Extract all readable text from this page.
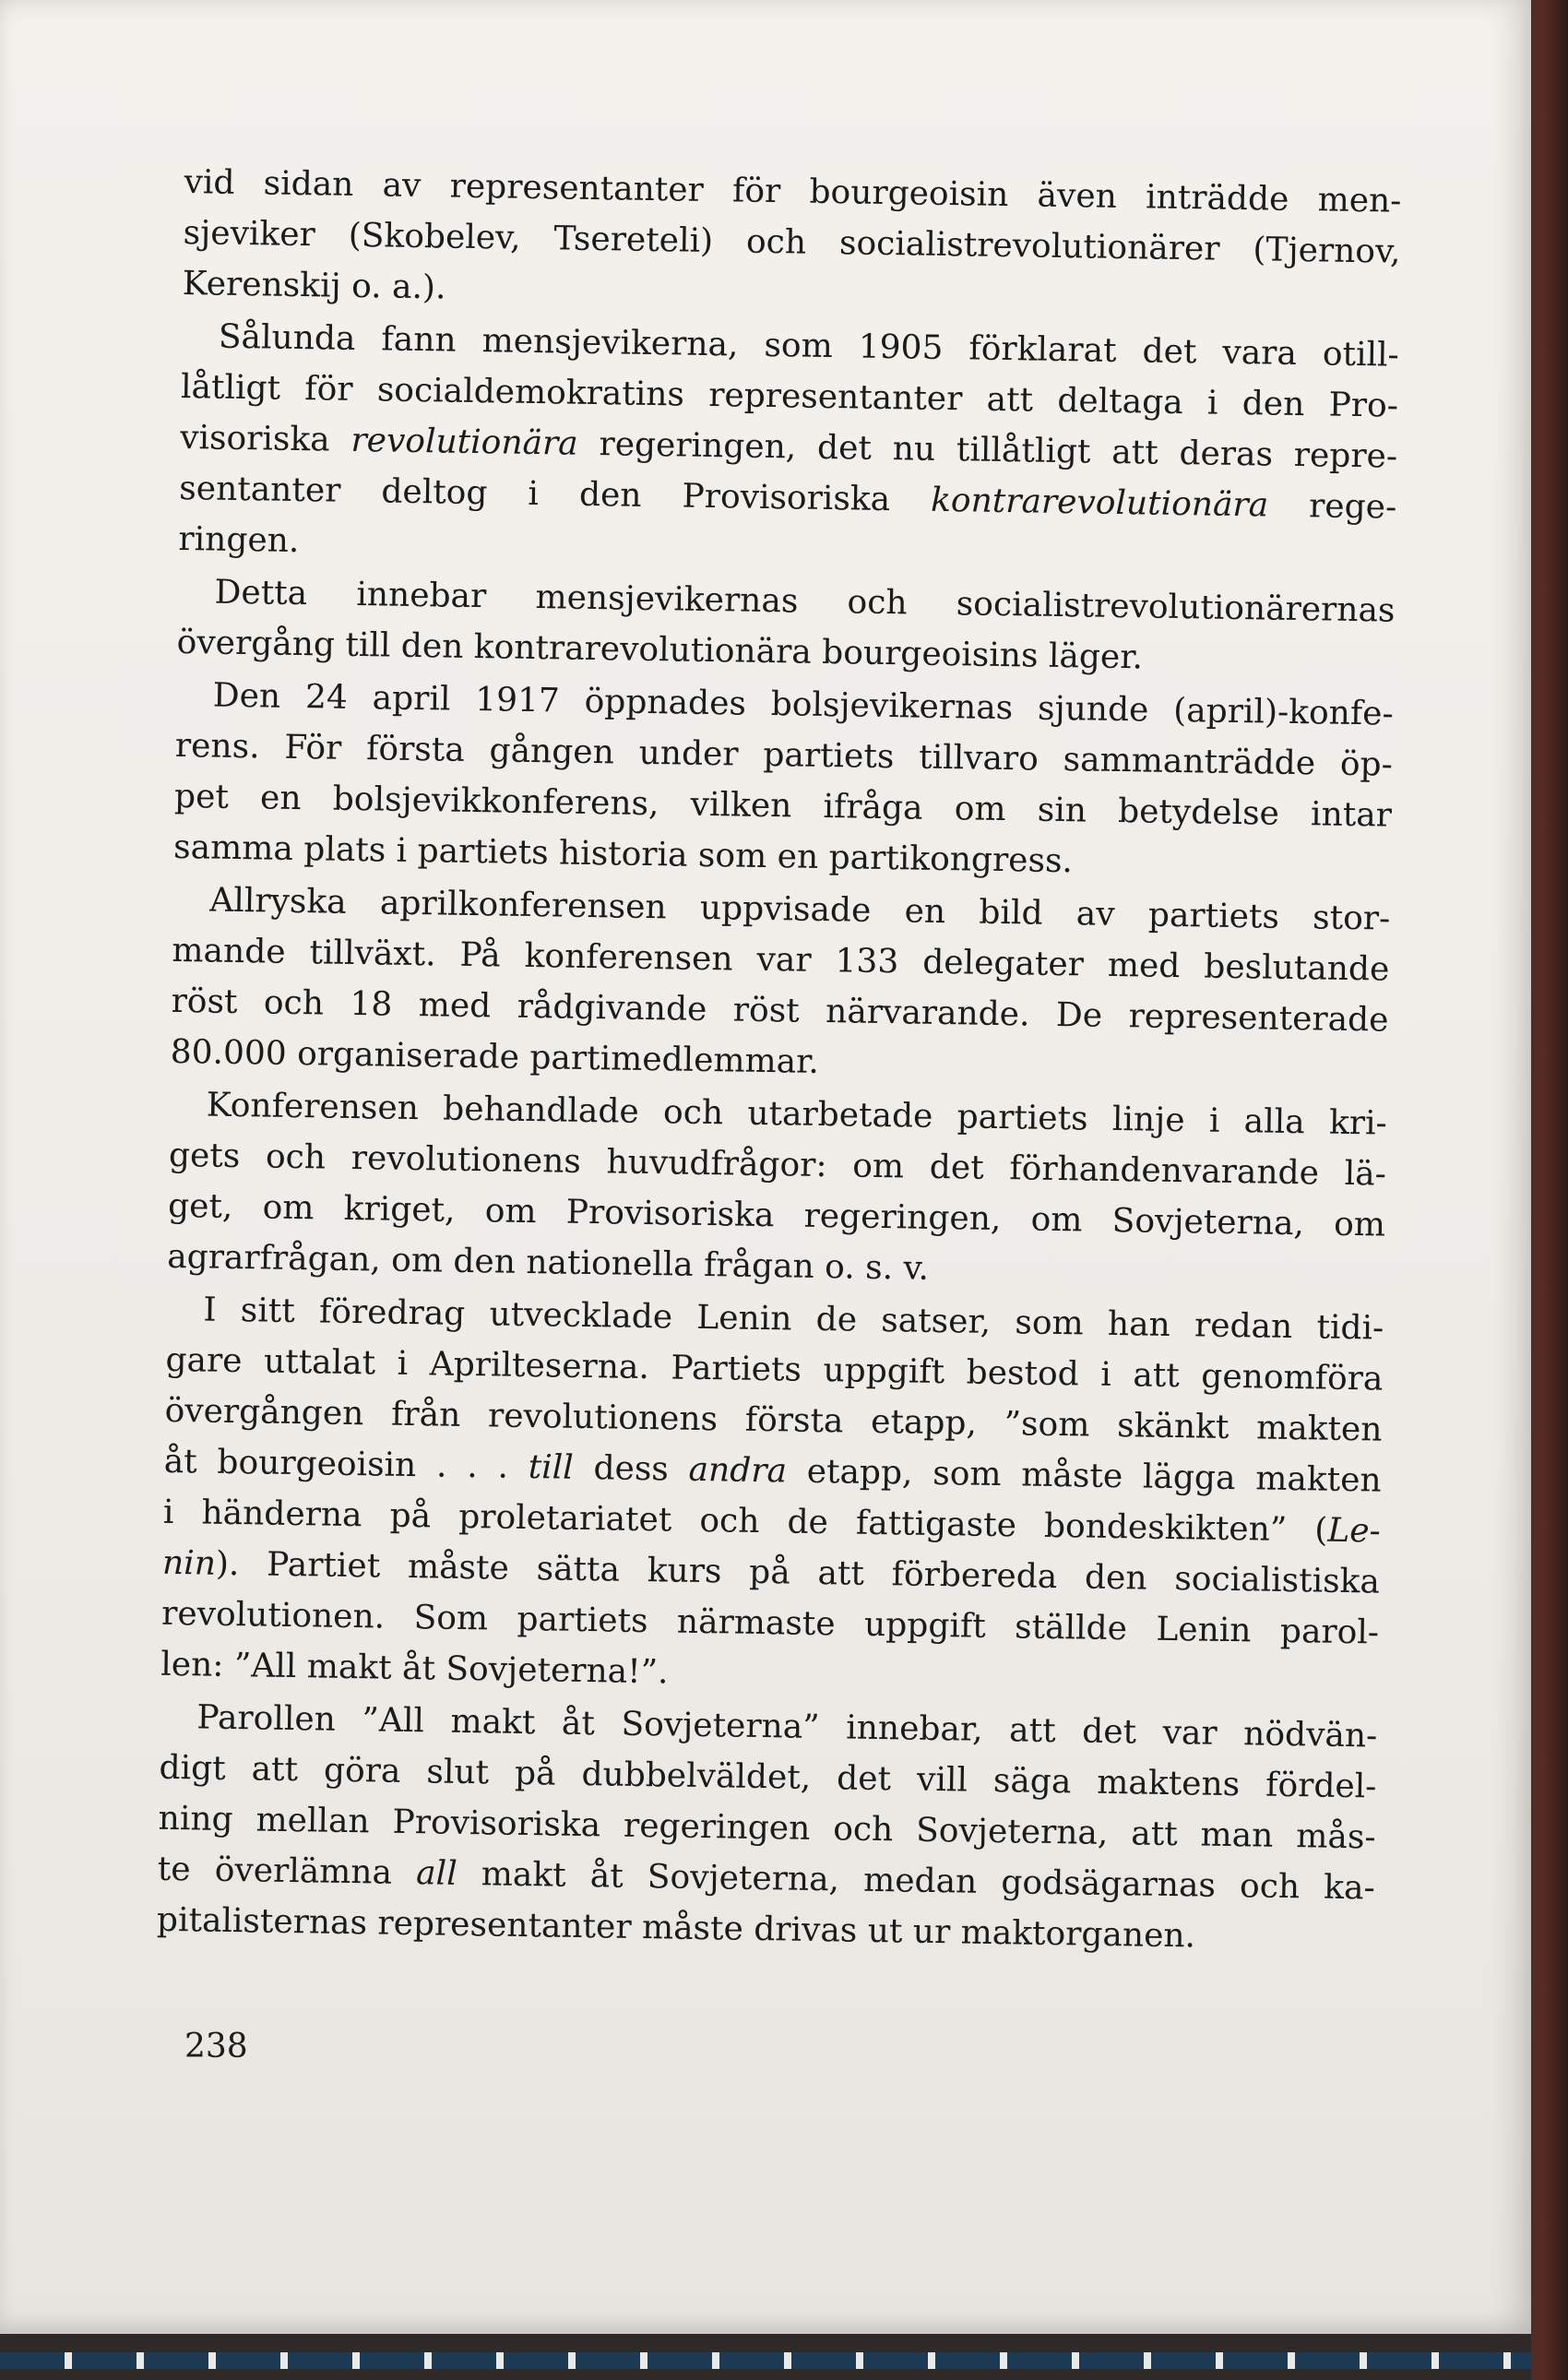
vid sidan av representanter för bourgeoisin även inträdde men-
sjeviker (Skobelev, Tsereteli) och socialistrevolutionärer (Tjernov,
Kerenskij o. a.).
Sålunda fann mensjevikerna, som 1905 förklarat det vara otill-
låtligt för socialdemokratins representanter att deltaga i den Pro-
visoriska revolutionära regeringen, det nu tillåtligt att deras repre-
sentanter deltog i den Provisoriska kontrarevolutionära rege-
ringen.
Detta innebar mensjevikernas och socialistrevolutionärernas
övergång till den kontrarevolutionära bourgeoisins läger.
Den 24 april 1917 öppnades bolsjevikernas sjunde (april)-konfe-
rens. För första gången under partiets tillvaro sammanträdde öp-
pet en bolsjevikkonferens, vilken ifråga om sin betydelse intar
samma plats i partiets historia som en partikongress.
Allryska aprilkonferensen uppvisade en bild av partiets stor-
mande tillväxt. På konferensen var 133 delegater med beslutande
röst och 18 med rådgivande röst närvarande. De representerade
80.000 organiserade partimedlemmar.
Konferensen behandlade och utarbetade partiets linje i alla kri-
gets och revolutionens huvudfrågor: om det förhandenvarande lä-
get, om kriget, om Provisoriska regeringen, om Sovjeterna, om
agrarfrågan, om den nationella frågan o. s. v.
I sitt föredrag utvecklade Lenin de satser, som han redan tidi-
gare uttalat i Aprilteserna. Partiets uppgift bestod i att genomföra
övergången från revolutionens första etapp, ”som skänkt makten
åt bourgeoisin . . . till dess andra etapp, som måste lägga makten
i händerna på proletariatet och de fattigaste bondeskikten” (Le-
nin). Partiet måste sätta kurs på att förbereda den socialistiska
revolutionen. Som partiets närmaste uppgift ställde Lenin parol-
len: ”All makt åt Sovjeterna!”.
Parollen ”All makt åt Sovjeterna” innebar, att det var nödvän-
digt att göra slut på dubbelväldet, det vill säga maktens fördel-
ning mellan Provisoriska regeringen och Sovjeterna, att man mås-
te överlämna all makt åt Sovjeterna, medan godsägarnas och ka-
pitalisternas representanter måste drivas ut ur maktorganen.
238
